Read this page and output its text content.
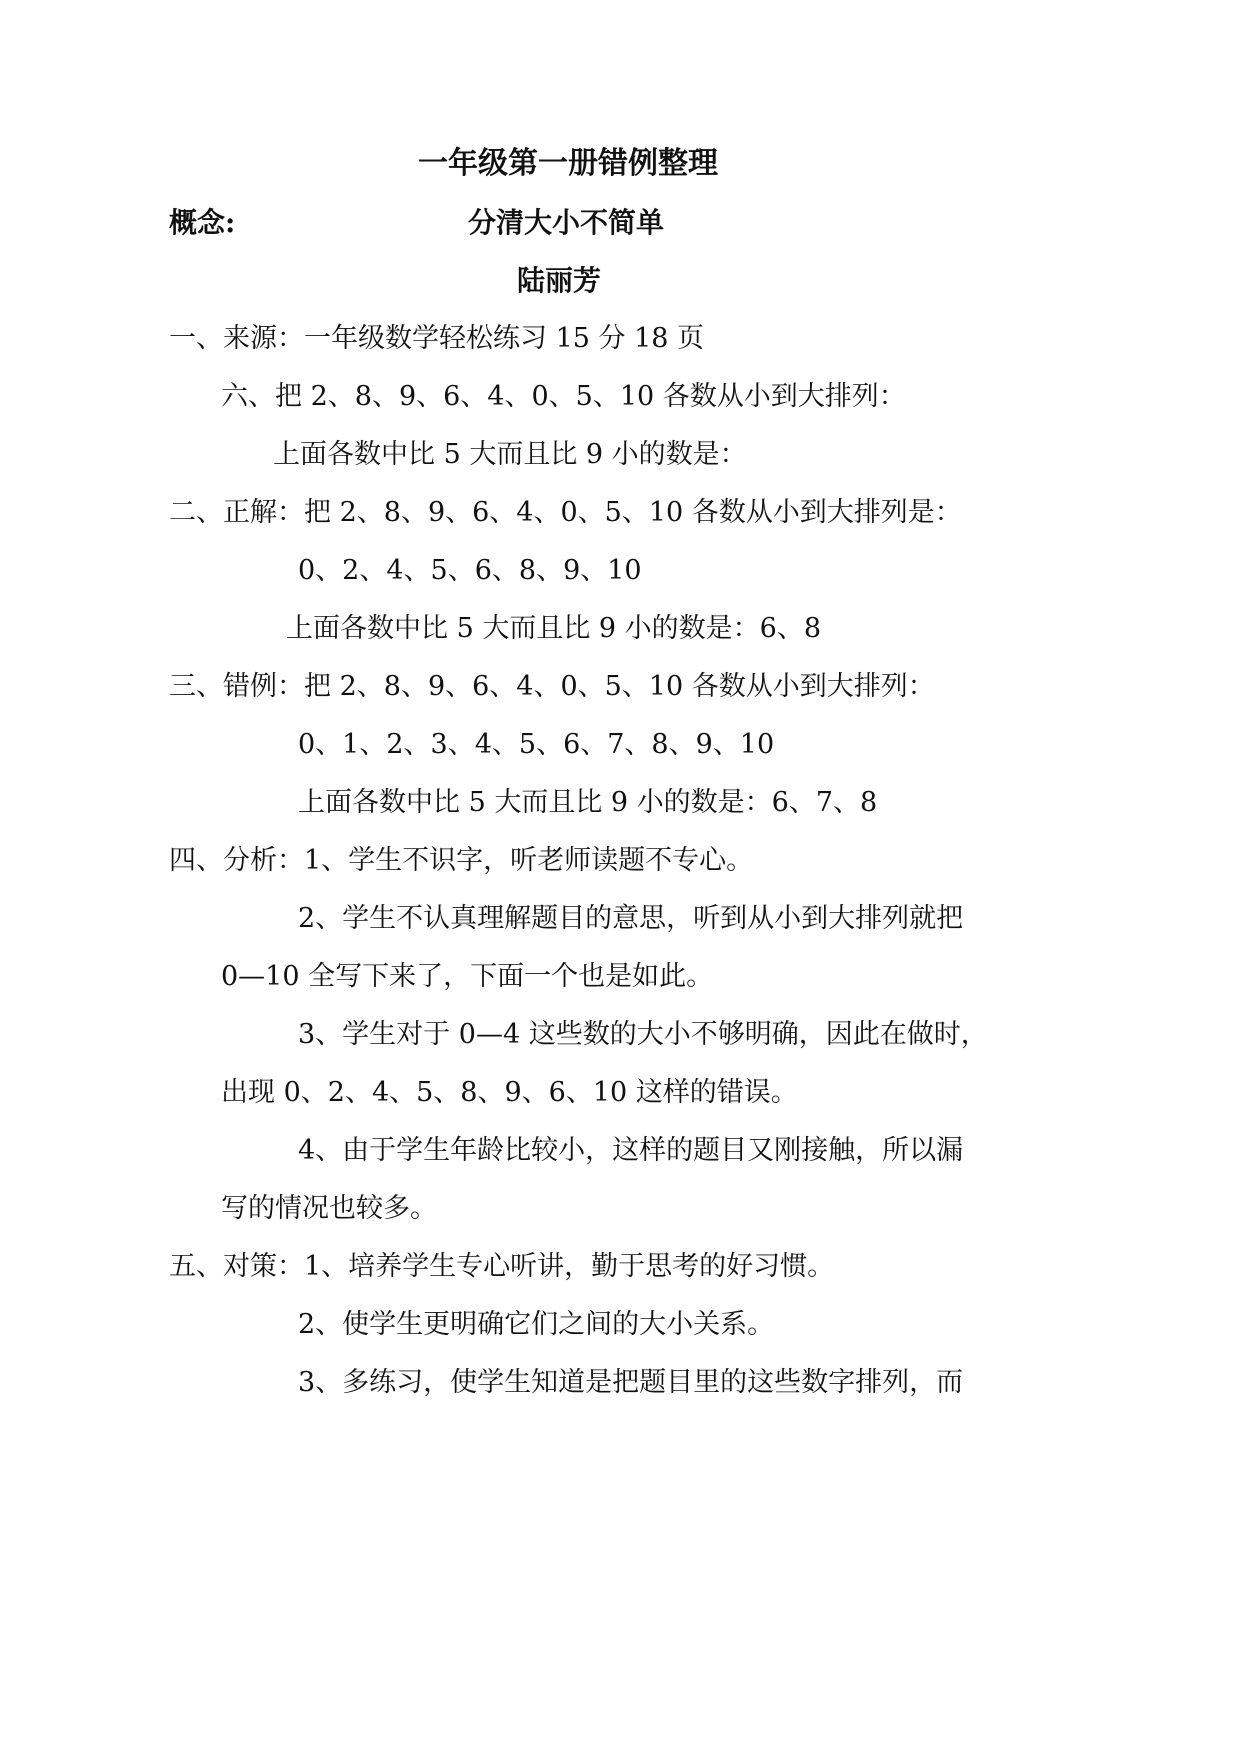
一年级第一册错例整理
概念:	分清大小不简单
陆丽芳
一、来源：一年级数学轻松练习 15 分 18 页
六、把 2、8、9、6、4、0、5、10 各数从小到大排列：
上面各数中比 5 大而且比 9 小的数是：
二、正解：把 2、8、9、6、4、0、5、10 各数从小到大排列是：
0、2、4、5、6、8、9、10
上面各数中比 5 大而且比 9 小的数是：6、8
三、错例：把 2、8、9、6、4、0、5、10 各数从小到大排列：
0、1、2、3、4、5、6、7、8、9、10
上面各数中比 5 大而且比 9 小的数是：6、7、8
四、分析：1、学生不识字，听老师读题不专心。
2、学生不认真理解题目的意思，听到从小到大排列就把
0—10 全写下来了，下面一个也是如此。
3、学生对于 0—4 这些数的大小不够明确，因此在做时，
出现 0、2、4、5、8、9、6、10 这样的错误。
4、由于学生年龄比较小，这样的题目又刚接触，所以漏
写的情况也较多。
五、对策：1、培养学生专心听讲，勤于思考的好习惯。
2、使学生更明确它们之间的大小关系。
3、多练习，使学生知道是把题目里的这些数字排列，而
